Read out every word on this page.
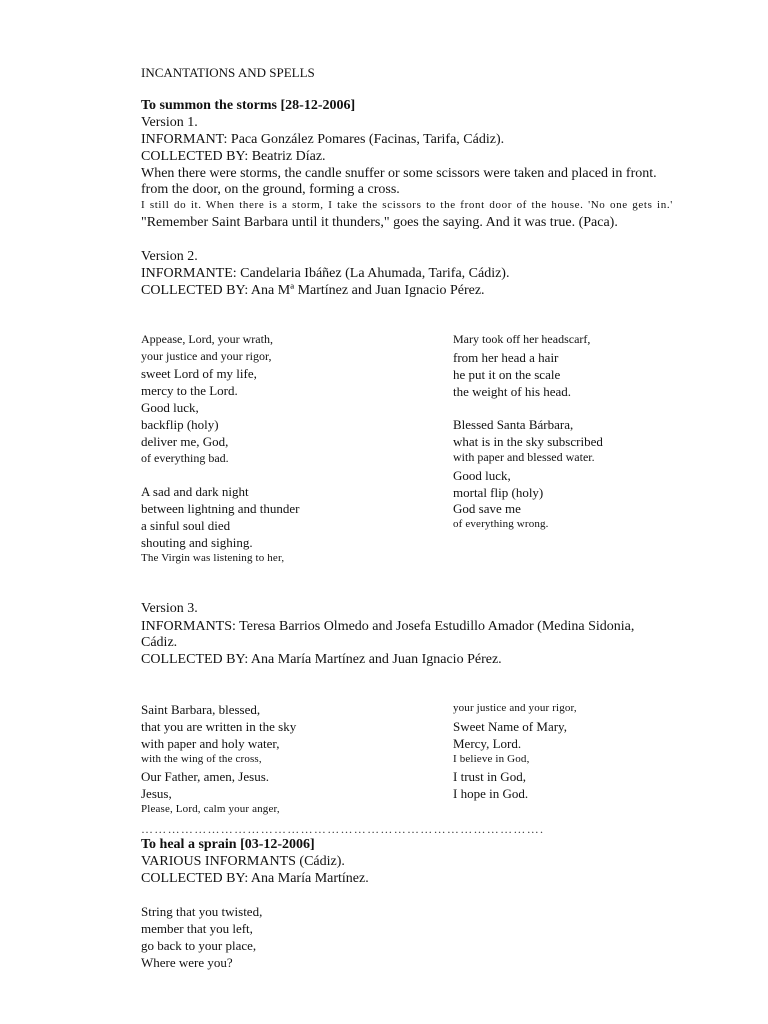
INCANTATIONS AND SPELLS
To summon the storms [28-12-2006]
Version 1.
INFORMANT: Paca González Pomares (Facinas, Tarifa, Cádiz).
COLLECTED BY: Beatriz Díaz.
When there were storms, the candle snuffer or some scissors were taken and placed in front.
from the door, on the ground, forming a cross.
I still do it. When there is a storm, I take the scissors to the front door of the house. 'No one gets in.'
"Remember Saint Barbara until it thunders," goes the saying. And it was true. (Paca).
Version 2.
INFORMANTE: Candelaria Ibáñez (La Ahumada, Tarifa, Cádiz).
COLLECTED BY: Ana Mª Martínez and Juan Ignacio Pérez.
Appease, Lord, your wrath,
your justice and your rigor,
sweet Lord of my life,
mercy to the Lord.
Good luck,
backflip (holy)
deliver me, God,
of everything bad.
A sad and dark night
between lightning and thunder
a sinful soul died
shouting and sighing.
The Virgin was listening to her,
Mary took off her headscarf,
from her head a hair
he put it on the scale
the weight of his head.
Blessed Santa Bárbara,
what is in the sky subscribed
with paper and blessed water.
Good luck,
mortal flip (holy)
God save me
of everything wrong.
Version 3.
INFORMANTS: Teresa Barrios Olmedo and Josefa Estudillo Amador (Medina Sidonia,
Cádiz.
COLLECTED BY: Ana María Martínez and Juan Ignacio Pérez.
Saint Barbara, blessed,
that you are written in the sky
with paper and holy water,
with the wing of the cross,
Our Father, amen, Jesus.
Jesus,
Please, Lord, calm your anger,
your justice and your rigor,
Sweet Name of Mary,
Mercy, Lord.
I believe in God,
I trust in God,
I hope in God.
……………………………………………………………………………….
To heal a sprain [03-12-2006]
VARIOUS INFORMANTS (Cádiz).
COLLECTED BY: Ana María Martínez.
String that you twisted,
member that you left,
go back to your place,
Where were you?
